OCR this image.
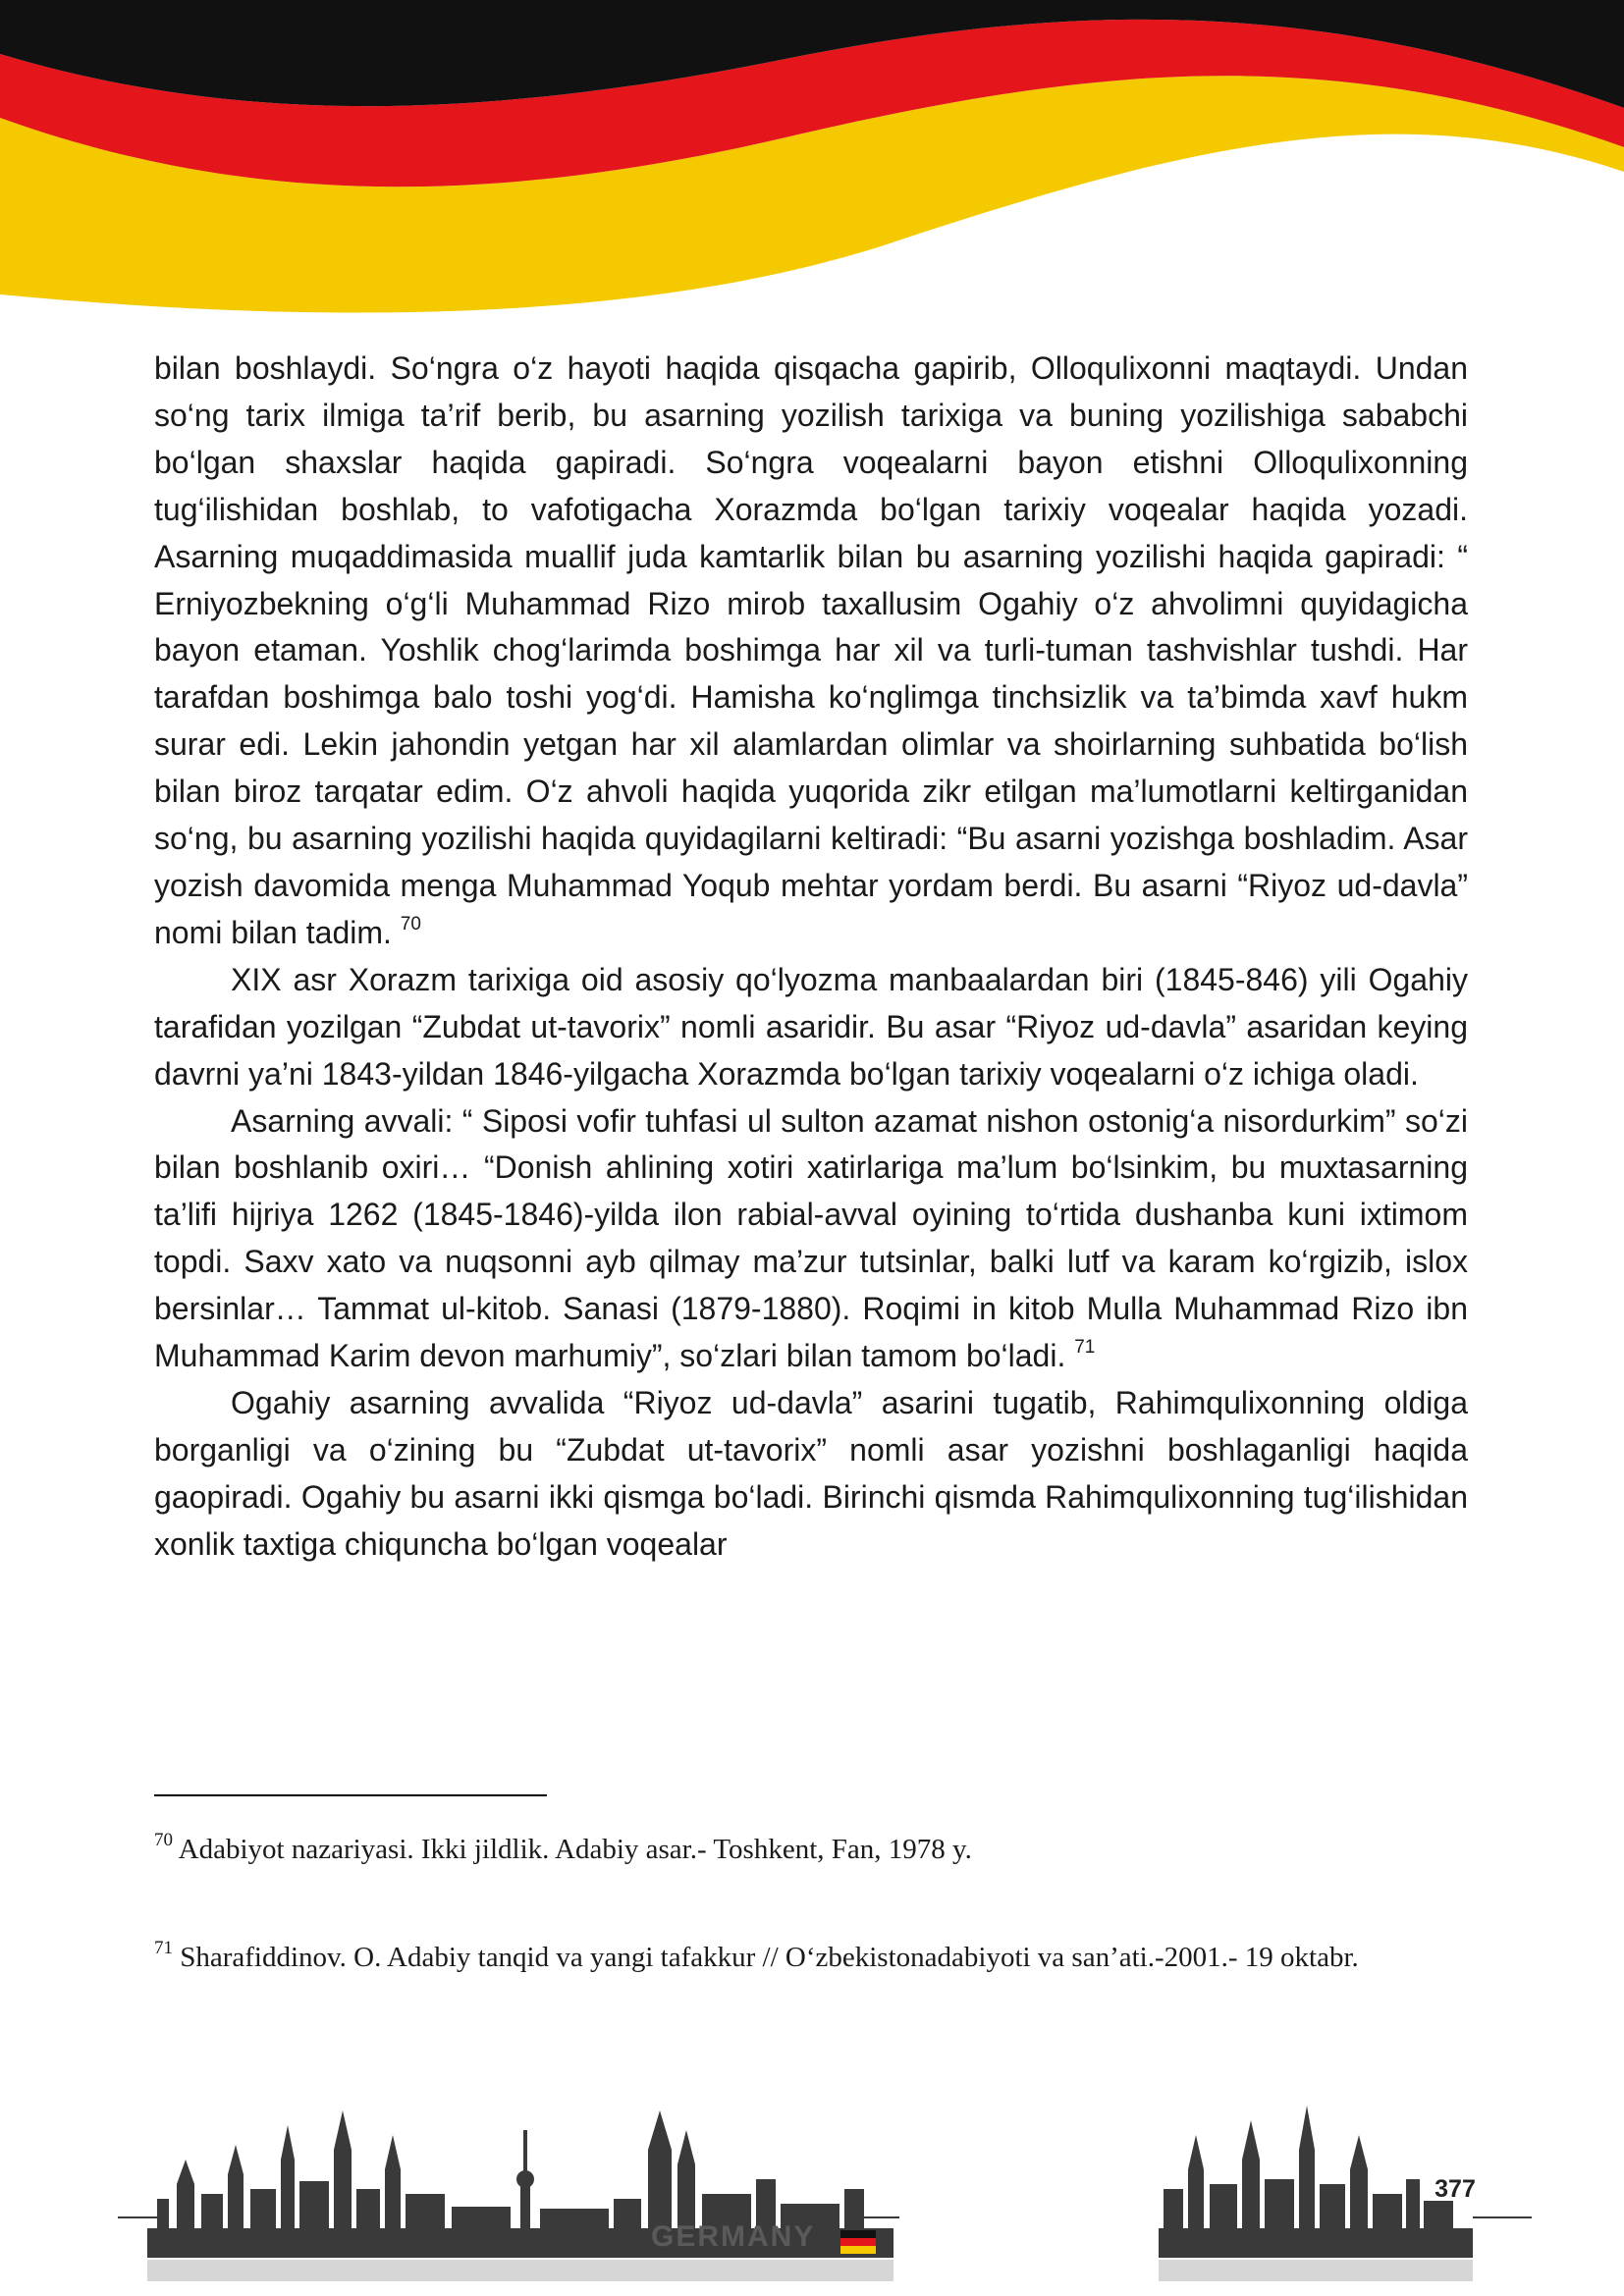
bilan boshlaydi. So‘ngra o‘z hayoti haqida qisqacha gapirib, Olloqulixonni maqtaydi. Undan so‘ng tarix ilmiga ta’rif berib, bu asarning yozilish tarixiga va buning yozilishiga sababchi bo‘lgan shaxslar haqida gapiradi. So‘ngra voqealarni bayon etishni Olloqulixonning tug‘ilishidan boshlab, to vafotigacha Xorazmda bo‘lgan tarixiy voqealar haqida yozadi. Asarning muqaddimasida muallif juda kamtarlik bilan bu asarning yozilishi haqida gapiradi: “ Erniyozbekning o‘g‘li Muhammad Rizo mirob taxallusim Ogahiy o‘z ahvolimni quyidagicha bayon etaman. Yoshlik chog‘larimda boshimga har xil va turli-tuman tashvishlar tushdi. Har tarafdan boshimga balo toshi yog‘di. Hamisha ko‘nglimga tinchsizlik va ta’bimda xavf hukm surar edi. Lekin jahondin yetgan har xil alamlardan olimlar va shoirlarning suhbatida bo‘lish bilan biroz tarqatar edim. O‘z ahvoli haqida yuqorida zikr etilgan ma’lumotlarni keltirganidan so‘ng, bu asarning yozilishi haqida quyidagilarni keltiradi: “Bu asarni yozishga boshladim. Asar yozish davomida menga Muhammad Yoqub mehtar yordam berdi. Bu asarni “Riyoz ud-davla” nomi bilan tadim. $^{70}$

XIX asr Xorazm tarixiga oid asosiy qo‘lyozma manbaalardan biri (1845-846) yili Ogahiy tarafidan yozilgan “Zubdat ut-tavorix” nomli asaridir. Bu asar “Riyoz ud-davla” asaridan keying davrni ya’ni 1843-yildan 1846-yilgacha Xorazmda bo‘lgan tarixiy voqealarni o‘z ichiga oladi.

Asarning avvali: “ Siposi vofir tuhfasi ul sulton azamat nishon ostonig‘a nisordurkim” so‘zi bilan boshlanib oxiri… “Donish ahlining xotiri xatirlariga ma’lum bo‘lsinkim, bu muxtasarning ta’lifi hijriya 1262 (1845-1846)-yilda ilon rabial-avval oyining to‘rtida dushanba kuni ixtimom topdi. Saxv xato va nuqsonni ayb qilmay ma’zur tutsinlar, balki lutf va karam ko‘rgizib, islox bersinlar… Tammat ul-kitob. Sanasi (1879-1880). Roqimi in kitob Mulla Muhammad Rizo ibn Muhammad Karim devon marhumiy”, so‘zlari bilan tamom bo‘ladi. $^{71}$

Ogahiy asarning avvalida “Riyoz ud-davla” asarini tugatib, Rahimqulixonning oldiga borganligi va o‘zining bu “Zubdat ut-tavorix” nomli asar yozishni boshlaganligi haqida gaopiradi. Ogahiy bu asarni ikki qismga bo‘ladi. Birinchi qismda Rahimqulixonning tug‘ilishidan xonlik taxtiga chiquncha bo‘lgan voqealar

$^{70}$ Adabiyot nazariyasi. Ikki jildlik. Adabiy asar.- Toshkent, Fan, 1978 y.
$^{71}$ Sharafiddinov. O. Adabiy tanqid va yangi tafakkur // O‘zbekistonadabiyoti va san’ati.-2001.- 19 oktabr.
377
GERMANY
